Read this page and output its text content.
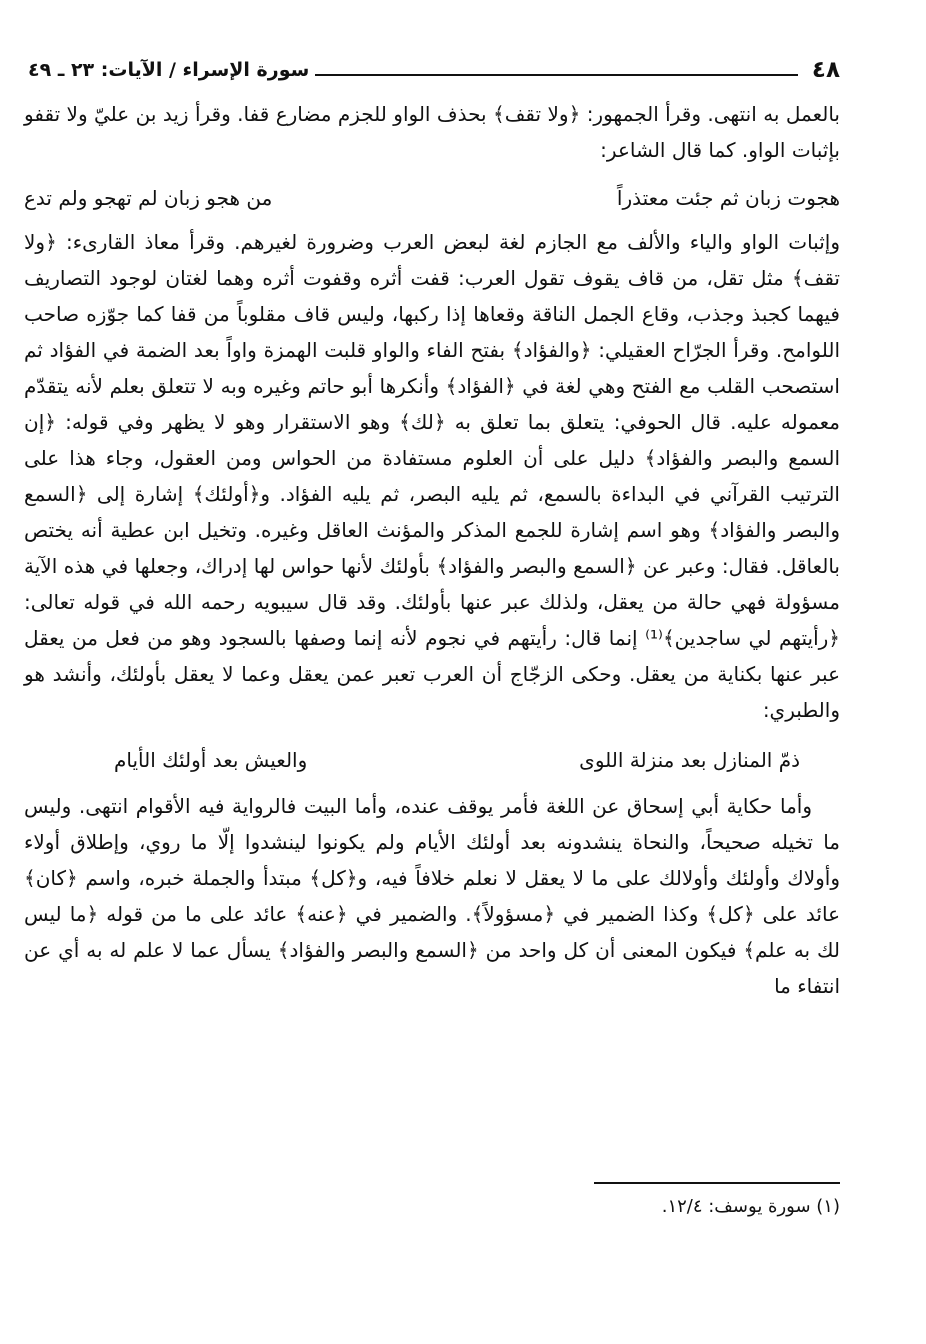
٤٨
سورة الإسراء / الآيات: ٢٣ ـ ٤٩

بالعمل به انتهى. وقرأ الجمهور: ﴿ولا تقف﴾ بحذف الواو للجزم مضارع قفا. وقرأ زيد بن عليّ ولا تقفو بإثبات الواو. كما قال الشاعر:

هجوت زبان ثم جئت معتذراً
من هجو زبان لم تهجو ولم تدع

وإثبات الواو والياء والألف مع الجازم لغة لبعض العرب وضرورة لغيرهم. وقرأ معاذ القارىء: ﴿ولا تقف﴾ مثل تقل، من قاف يقوف تقول العرب: قفت أثره وقفوت أثره وهما لغتان لوجود التصاريف فيهما كجبذ وجذب، وقاع الجمل الناقة وقعاها إذا ركبها، وليس قاف مقلوباً من قفا كما جوّزه صاحب اللوامح. وقرأ الجرّاح العقيلي: ﴿والفؤاد﴾ بفتح الفاء والواو قلبت الهمزة واواً بعد الضمة في الفؤاد ثم استصحب القلب مع الفتح وهي لغة في ﴿الفؤاد﴾ وأنكرها أبو حاتم وغيره وبه لا تتعلق بعلم لأنه يتقدّم معموله عليه. قال الحوفي: يتعلق بما تعلق به ﴿لك﴾ وهو الاستقرار وهو لا يظهر وفي قوله: ﴿إن السمع والبصر والفؤاد﴾ دليل على أن العلوم مستفادة من الحواس ومن العقول، وجاء هذا على الترتيب القرآني في البداءة بالسمع، ثم يليه البصر، ثم يليه الفؤاد. و﴿أولئك﴾ إشارة إلى ﴿السمع والبصر والفؤاد﴾ وهو اسم إشارة للجمع المذكر والمؤنث العاقل وغيره. وتخيل ابن عطية أنه يختص بالعاقل. فقال: وعبر عن ﴿السمع والبصر والفؤاد﴾ بأولئك لأنها حواس لها إدراك، وجعلها في هذه الآية مسؤولة فهي حالة من يعقل، ولذلك عبر عنها بأولئك. وقد قال سيبويه رحمه الله في قوله تعالى: ﴿رأيتهم لي ساجدين﴾⁽¹⁾ إنما قال: رأيتهم في نجوم لأنه إنما وصفها بالسجود وهو من فعل من يعقل عبر عنها بكناية من يعقل. وحكى الزجّاج أن العرب تعبر عمن يعقل وعما لا يعقل بأولئك، وأنشد هو والطبري:

ذمّ المنازل بعد منزلة اللوى
والعيش بعد أولئك الأيام

وأما حكاية أبي إسحاق عن اللغة فأمر يوقف عنده، وأما البيت فالرواية فيه الأقوام انتهى. وليس ما تخيله صحيحاً، والنحاة ينشدونه بعد أولئك الأيام ولم يكونوا لينشدوا إلّا ما روي، وإطلاق أولاء وأولاك وأولئك وأولالك على ما لا يعقل لا نعلم خلافاً فيه، و﴿كل﴾ مبتدأ والجملة خبره، واسم ﴿كان﴾ عائد على ﴿كل﴾ وكذا الضمير في ﴿مسؤولاً﴾. والضمير في ﴿عنه﴾ عائد على ما من قوله ﴿ما ليس لك به علم﴾ فيكون المعنى أن كل واحد من ﴿السمع والبصر والفؤاد﴾ يسأل عما لا علم له به أي عن انتفاء ما

(١) سورة يوسف: ١٢/٤.
